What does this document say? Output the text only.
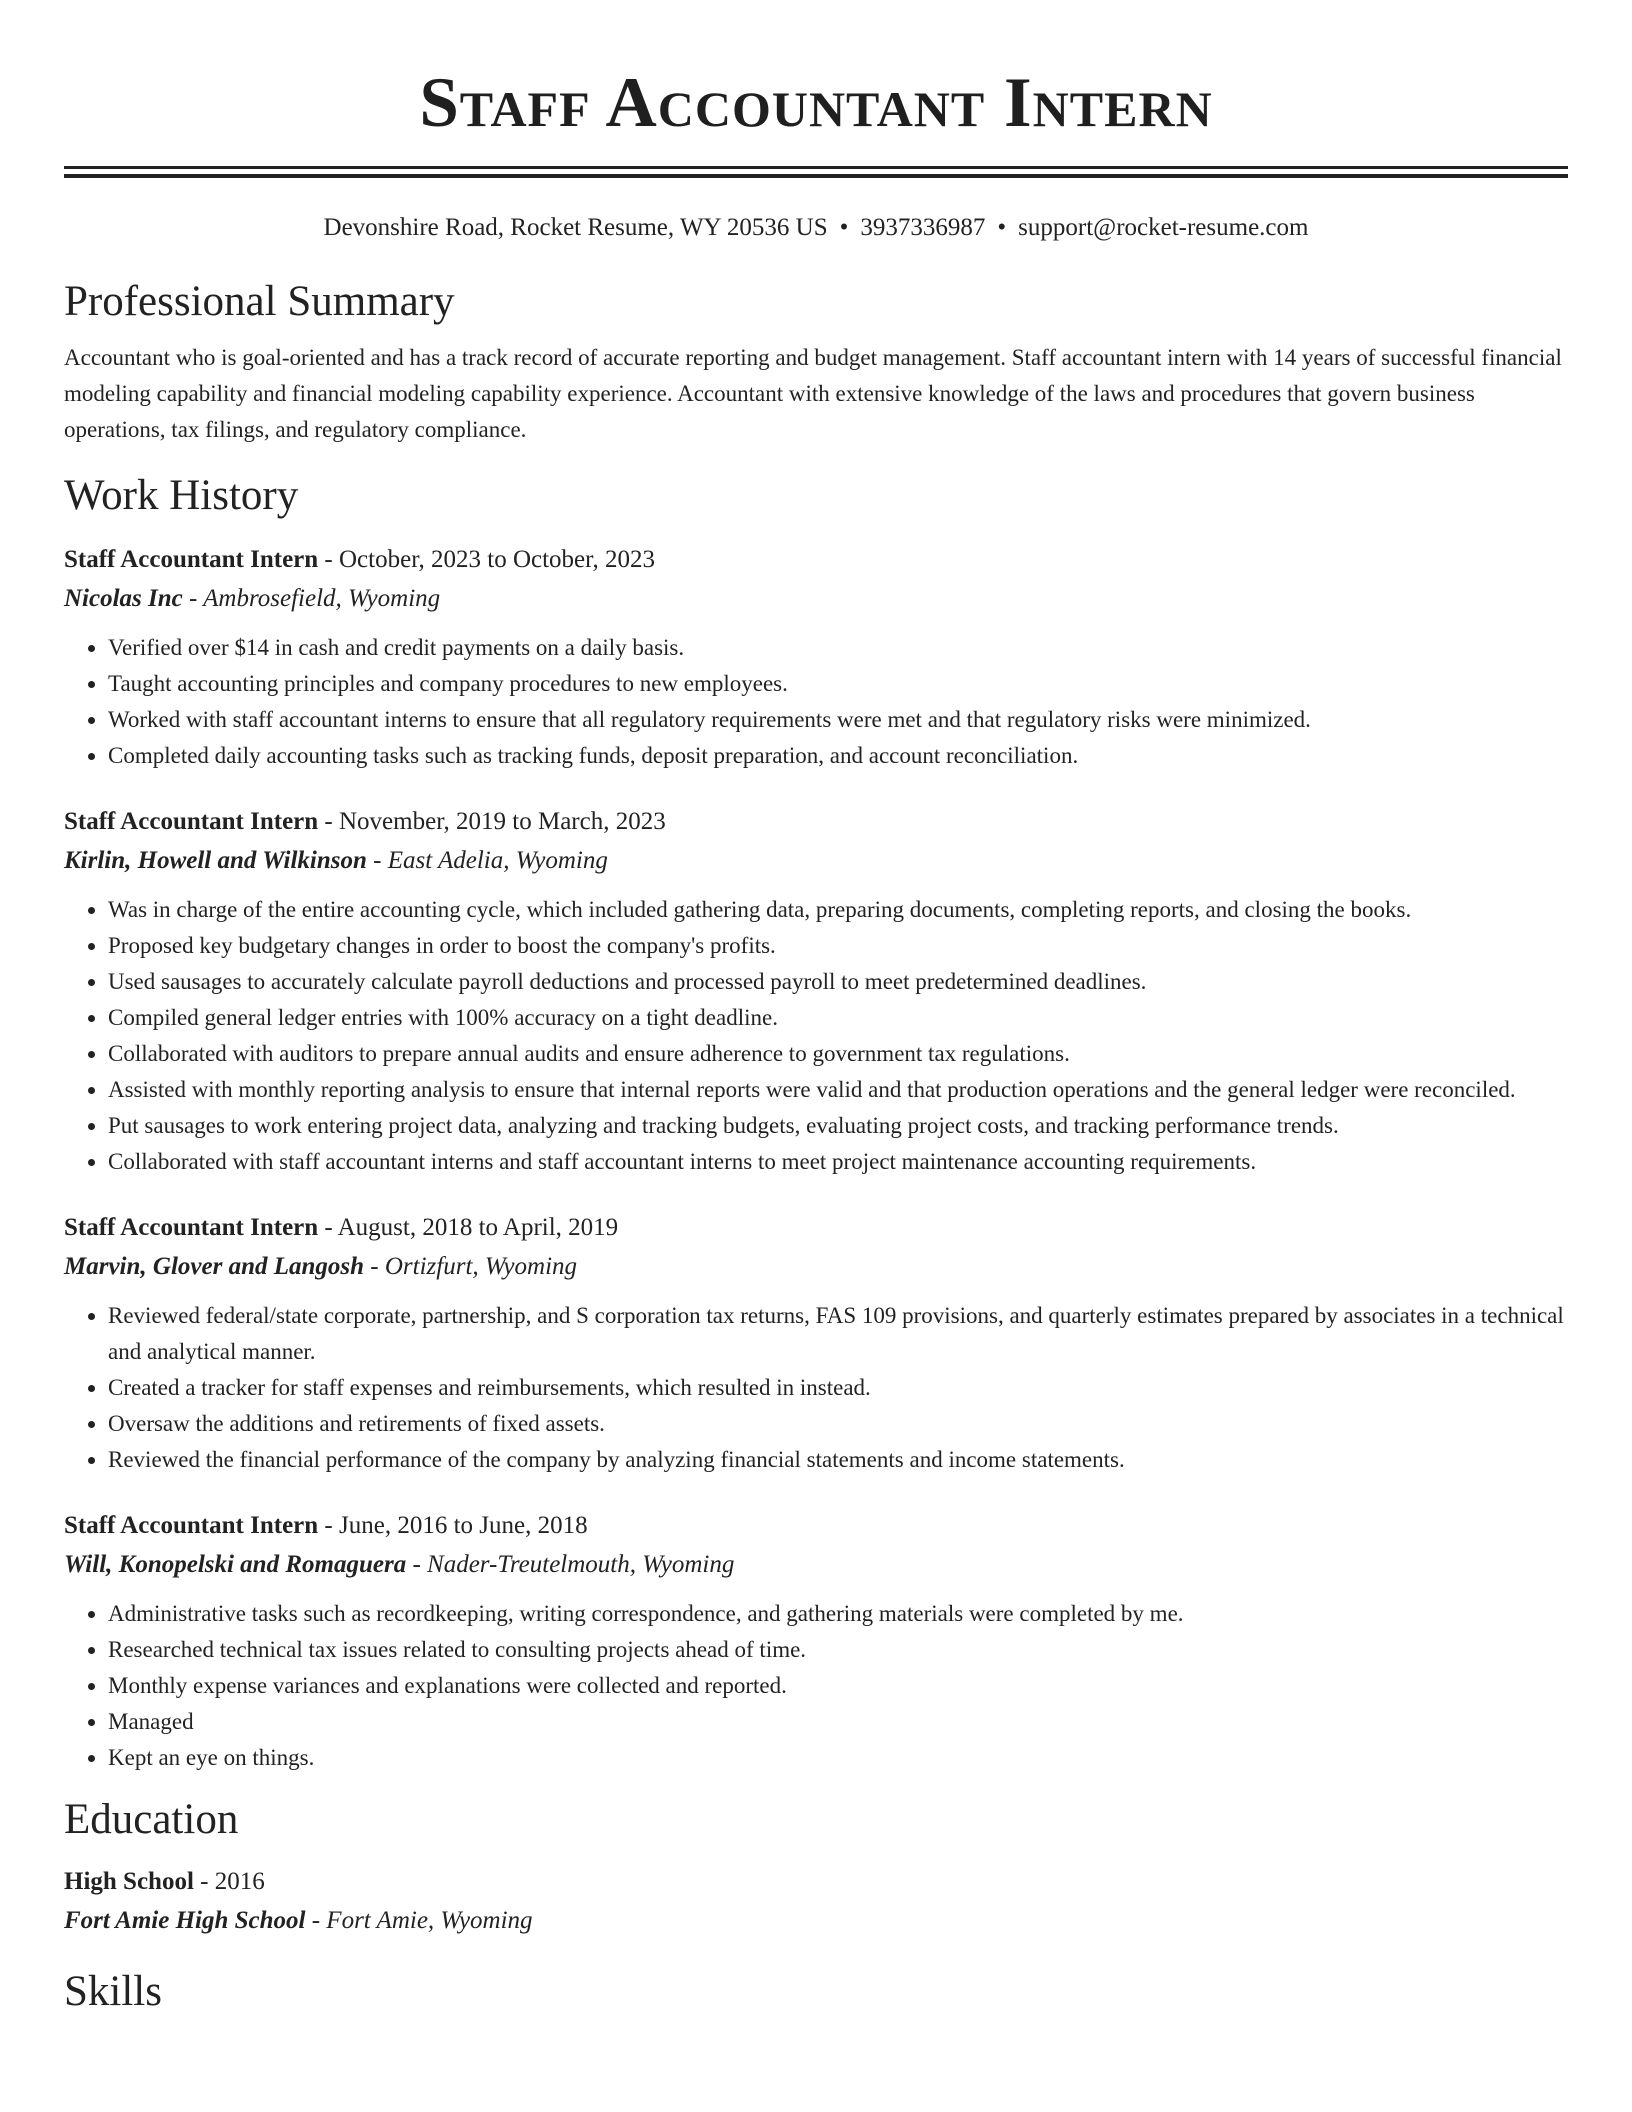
Staff Accountant Intern
Devonshire Road, Rocket Resume, WY 20536 US • 3937336987 • support@rocket-resume.com
Professional Summary

Accountant who is goal-oriented and has a track record of accurate reporting and budget management. Staff accountant intern with 14 years of successful financial modeling capability and financial modeling capability experience. Accountant with extensive knowledge of the laws and procedures that govern business operations, tax filings, and regulatory compliance.

Work History
Staff Accountant Intern - October, 2023 to October, 2023
Nicolas Inc - Ambrosefield, Wyoming
• Verified over $14 in cash and credit payments on a daily basis.
• Taught accounting principles and company procedures to new employees.
• Worked with staff accountant interns to ensure that all regulatory requirements were met and that regulatory risks were minimized.
• Completed daily accounting tasks such as tracking funds, deposit preparation, and account reconciliation.
Staff Accountant Intern - November, 2019 to March, 2023
Kirlin, Howell and Wilkinson - East Adelia, Wyoming
• Was in charge of the entire accounting cycle, which included gathering data, preparing documents, completing reports, and closing the books.
• Proposed key budgetary changes in order to boost the company's profits.
• Used sausages to accurately calculate payroll deductions and processed payroll to meet predetermined deadlines.
• Compiled general ledger entries with 100% accuracy on a tight deadline.
• Collaborated with auditors to prepare annual audits and ensure adherence to government tax regulations.
• Assisted with monthly reporting analysis to ensure that internal reports were valid and that production operations and the general ledger were reconciled.
• Put sausages to work entering project data, analyzing and tracking budgets, evaluating project costs, and tracking performance trends.
• Collaborated with staff accountant interns and staff accountant interns to meet project maintenance accounting requirements.
Staff Accountant Intern - August, 2018 to April, 2019
Marvin, Glover and Langosh - Ortizfurt, Wyoming
• Reviewed federal/state corporate, partnership, and S corporation tax returns, FAS 109 provisions, and quarterly estimates prepared by associates in a technical and analytical manner.
• Created a tracker for staff expenses and reimbursements, which resulted in instead.
• Oversaw the additions and retirements of fixed assets.
• Reviewed the financial performance of the company by analyzing financial statements and income statements.
Staff Accountant Intern - June, 2016 to June, 2018
Will, Konopelski and Romaguera - Nader-Treutelmouth, Wyoming
• Administrative tasks such as recordkeeping, writing correspondence, and gathering materials were completed by me.
• Researched technical tax issues related to consulting projects ahead of time.
• Monthly expense variances and explanations were collected and reported.
• Managed
• Kept an eye on things.
Education
High School - 2016
Fort Amie High School - Fort Amie, Wyoming
Skills
